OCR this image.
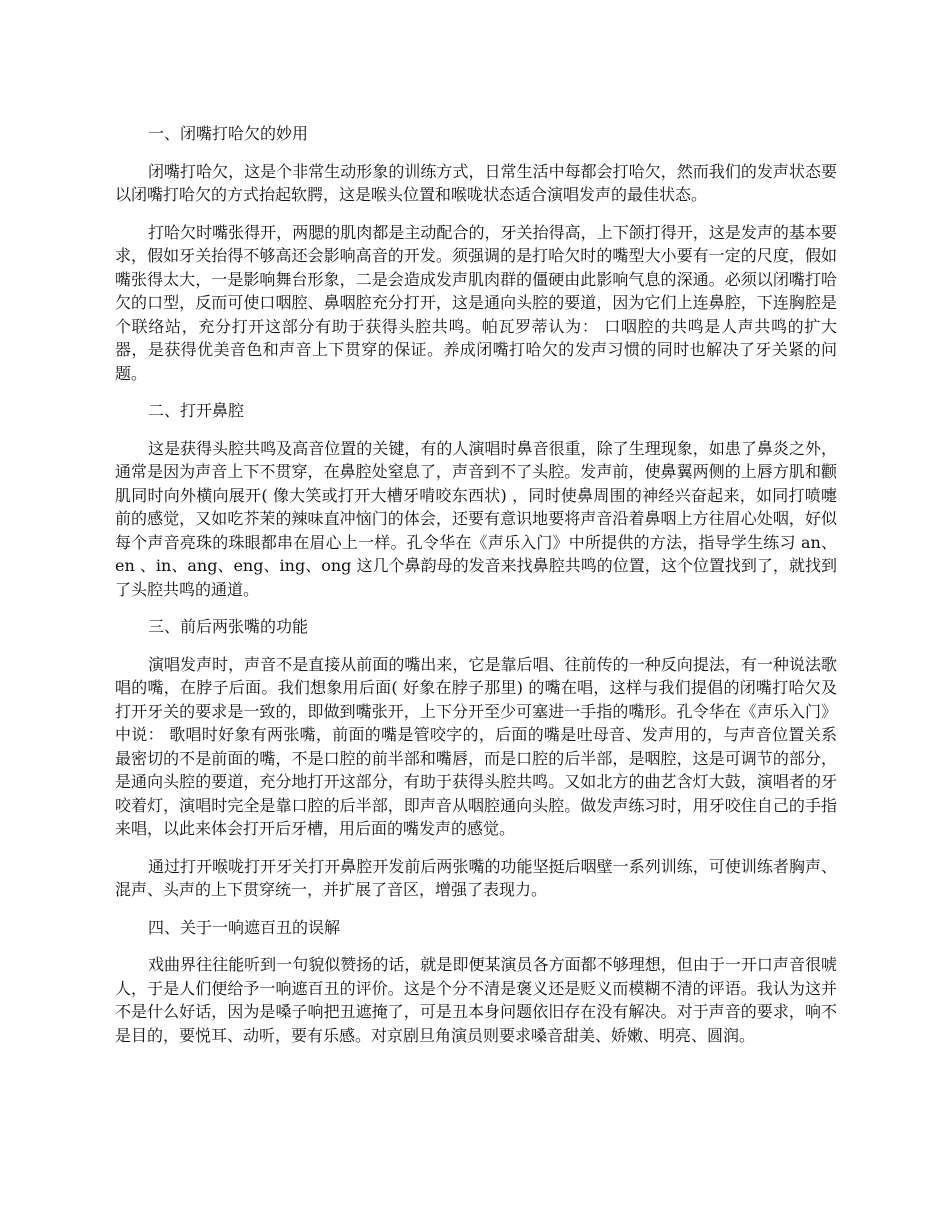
一、闭嘴打哈欠的妙用

闭嘴打哈欠，这是个非常生动形象的训练方式，日常生活中每都会打哈欠，然而我们的发声状态要以闭嘴打哈欠的方式抬起软腭，这是喉头位置和喉咙状态适合演唱发声的最佳状态。

打哈欠时嘴张得开，两腮的肌肉都是主动配合的，牙关抬得高，上下颌打得开，这是发声的基本要求，假如牙关抬得不够高还会影响高音的开发。须强调的是打哈欠时的嘴型大小要有一定的尺度，假如嘴张得太大，一是影响舞台形象，二是会造成发声肌肉群的僵硬由此影响气息的深通。必须以闭嘴打哈欠的口型，反而可使口咽腔、鼻咽腔充分打开，这是通向头腔的要道，因为它们上连鼻腔，下连胸腔是个联络站，充分打开这部分有助于获得头腔共鸣。帕瓦罗蒂认为： 口咽腔的共鸣是人声共鸣的扩大器，是获得优美音色和声音上下贯穿的保证。养成闭嘴打哈欠的发声习惯的同时也解决了牙关紧的问题。

二、打开鼻腔

这是获得头腔共鸣及高音位置的关键，有的人演唱时鼻音很重，除了生理现象，如患了鼻炎之外，通常是因为声音上下不贯穿，在鼻腔处窒息了，声音到不了头腔。发声前，使鼻翼两侧的上唇方肌和颧肌同时向外横向展开( 像大笑或打开大槽牙啃咬东西状) ，同时使鼻周围的神经兴奋起来，如同打喷嚏前的感觉，又如吃芥茉的辣味直冲恼门的体会，还要有意识地要将声音沿着鼻咽上方往眉心处咽，好似每个声音亮珠的珠眼都串在眉心上一样。孔令华在《声乐入门》中所提供的方法，指导学生练习 an、en 、in、ang、eng、ing、ong 这几个鼻韵母的发音来找鼻腔共鸣的位置，这个位置找到了，就找到了头腔共鸣的通道。

三、前后两张嘴的功能

演唱发声时，声音不是直接从前面的嘴出来，它是靠后唱、往前传的一种反向提法，有一种说法歌唱的嘴，在脖子后面。我们想象用后面( 好象在脖子那里) 的嘴在唱，这样与我们提倡的闭嘴打哈欠及打开牙关的要求是一致的，即做到嘴张开，上下分开至少可塞进一手指的嘴形。孔令华在《声乐入门》中说： 歌唱时好象有两张嘴，前面的嘴是管咬字的，后面的嘴是吐母音、发声用的，与声音位置关系最密切的不是前面的嘴，不是口腔的前半部和嘴唇，而是口腔的后半部，是咽腔，这是可调节的部分，是通向头腔的要道，充分地打开这部分，有助于获得头腔共鸣。又如北方的曲艺含灯大鼓，演唱者的牙咬着灯，演唱时完全是靠口腔的后半部，即声音从咽腔通向头腔。做发声练习时，用牙咬住自己的手指来唱，以此来体会打开后牙槽，用后面的嘴发声的感觉。

通过打开喉咙打开牙关打开鼻腔开发前后两张嘴的功能坚挺后咽壁一系列训练，可使训练者胸声、混声、头声的上下贯穿统一，并扩展了音区，增强了表现力。

四、关于一响遮百丑的误解

戏曲界往往能听到一句貌似赞扬的话，就是即便某演员各方面都不够理想，但由于一开口声音很唬人，于是人们便给予一响遮百丑的评价。这是个分不清是褒义还是贬义而模糊不清的评语。我认为这并不是什么好话，因为是嗓子响把丑遮掩了，可是丑本身问题依旧存在没有解决。对于声音的要求，响不是目的，要悦耳、动听，要有乐感。对京剧旦角演员则要求嗓音甜美、娇嫩、明亮、圆润。
